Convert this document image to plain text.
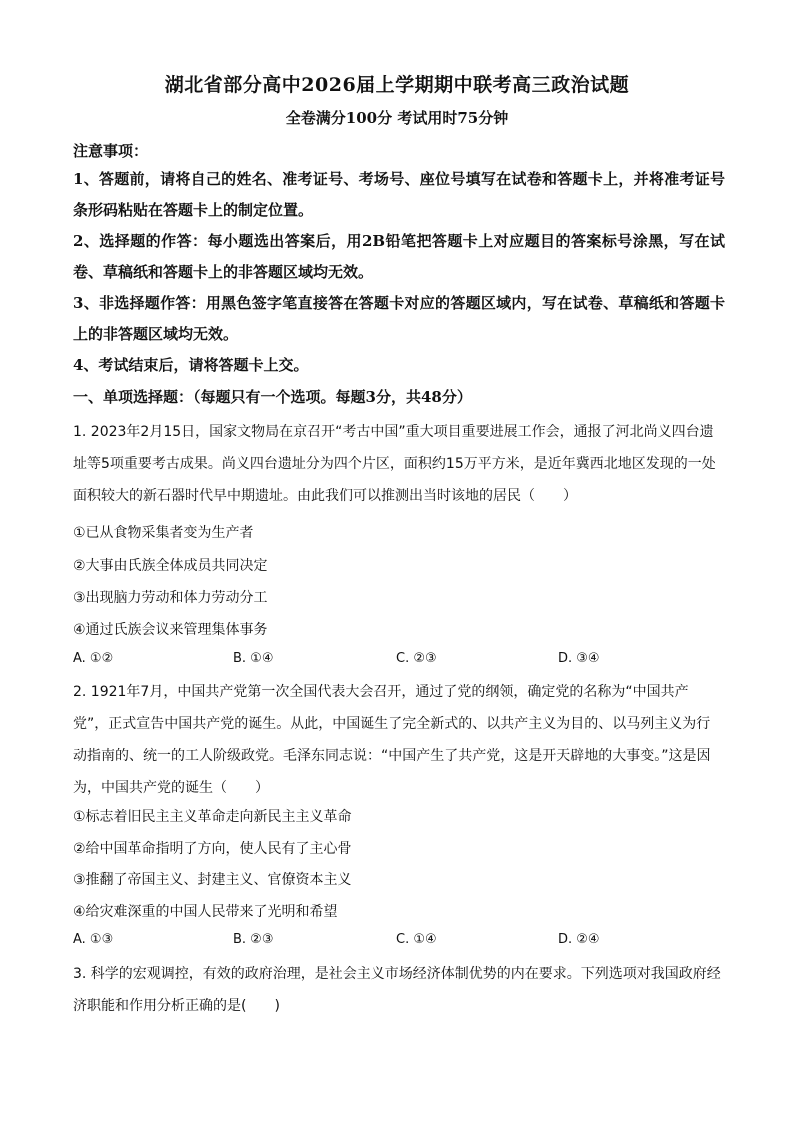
湖北省部分高中2026届上学期期中联考高三政治试题
全卷满分100分 考试用时75分钟
注意事项：
1、答题前，请将自己的姓名、准考证号、考场号、座位号填写在试卷和答题卡上，并将准考证号条形码粘贴在答题卡上的制定位置。
2、选择题的作答：每小题选出答案后，用2B铅笔把答题卡上对应题目的答案标号涂黑，写在试卷、草稿纸和答题卡上的非答题区域均无效。
3、非选择题作答：用黑色签字笔直接答在答题卡对应的答题区域内，写在试卷、草稿纸和答题卡上的非答题区域均无效。
4、考试结束后，请将答题卡上交。
一、单项选择题：（每题只有一个选项。每题3分，共48分）
1. 2023年2月15日，国家文物局在京召开“考古中国”重大项目重要进展工作会，通报了河北尚义四台遗址等5项重要考古成果。尚义四台遗址分为四个片区，面积约15万平方米，是近年冀西北地区发现的一处面积较大的新石器时代早中期遗址。由此我们可以推测出当时该地的居民（　　）
①已从食物采集者变为生产者
②大事由氏族全体成员共同决定
③出现脑力劳动和体力劳动分工
④通过氏族会议来管理集体事务
A. ①②	B. ①④	C. ②③	D. ③④
2. 1921年7月，中国共产党第一次全国代表大会召开，通过了党的纲领，确定党的名称为“中国共产党”，正式宣告中国共产党的诞生。从此，中国诞生了完全新式的、以共产主义为目的、以马列主义为行动指南的、统一的工人阶级政党。毛泽东同志说：“中国产生了共产党，这是开天辟地的大事变。”这是因为，中国共产党的诞生（　　）
①标志着旧民主主义革命走向新民主主义革命
②给中国革命指明了方向，使人民有了主心骨
③推翻了帝国主义、封建主义、官僚资本主义
④给灾难深重的中国人民带来了光明和希望
A. ①③	B. ②③	C. ①④	D. ②④
3. 科学的宏观调控，有效的政府治理，是社会主义市场经济体制优势的内在要求。下列选项对我国政府经济职能和作用分析正确的是(　　)
